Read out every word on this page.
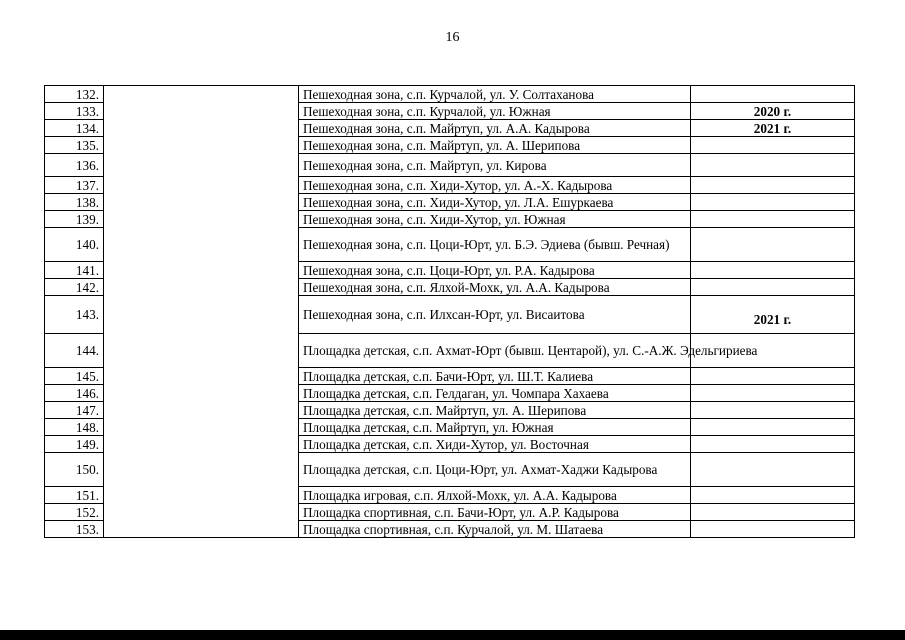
16
132.		Пешеходная зона, с.п. Курчалой, ул. У. Солтаханова	
133.		Пешеходная зона, с.п. Курчалой, ул. Южная	2020 г.
134.		Пешеходная зона, с.п. Майртуп, ул. А.А. Кадырова	2021 г.
135.		Пешеходная зона, с.п. Майртуп, ул. А. Шерипова	
136.		Пешеходная зона, с.п. Майртуп, ул. Кирова	
137.		Пешеходная зона, с.п. Хиди-Хутор, ул. А.-Х. Кадырова	
138.		Пешеходная зона, с.п. Хиди-Хутор, ул. Л.А. Ешуркаева	
139.		Пешеходная зона, с.п. Хиди-Хутор, ул. Южная	
140.		Пешеходная зона, с.п. Цоци-Юрт, ул. Б.Э. Эдиева (бывш. Речная)	
141.		Пешеходная зона, с.п. Цоци-Юрт, ул. Р.А. Кадырова	
142.		Пешеходная зона, с.п. Ялхой-Мохк, ул. А.А. Кадырова	
143.		Пешеходная зона, с.п. Илхсан-Юрт, ул. Висаитова	2021 г.
144.		Площадка детская, с.п. Ахмат-Юрт (бывш. Центарой), ул. С.-А.Ж. Эдельгириева	
145.		Площадка детская, с.п. Бачи-Юрт, ул. Ш.Т. Калиева	
146.		Площадка детская, с.п. Гелдаган, ул. Чомпара Хахаева	
147.		Площадка детская, с.п. Майртуп, ул. А. Шерипова	
148.		Площадка детская, с.п. Майртуп, ул. Южная	
149.		Площадка детская, с.п. Хиди-Хутор, ул. Восточная	
150.		Площадка детская, с.п. Цоци-Юрт, ул. Ахмат-Хаджи Кадырова	
151.		Площадка игровая, с.п. Ялхой-Мохк, ул. А.А. Кадырова	
152.		Площадка спортивная, с.п. Бачи-Юрт, ул. А.Р. Кадырова	
153.		Площадка спортивная, с.п. Курчалой, ул. М. Шатаева	
